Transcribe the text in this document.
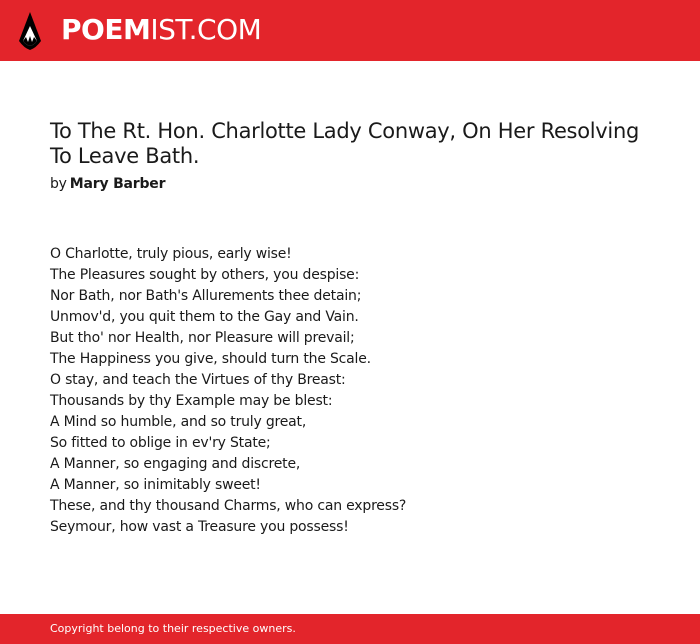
POEMIST.COM
To The Rt. Hon. Charlotte Lady Conway, On Her Resolving To Leave Bath.
by Mary Barber
O Charlotte, truly pious, early wise!
The Pleasures sought by others, you despise:
Nor Bath, nor Bath's Allurements thee detain;
Unmov'd, you quit them to the Gay and Vain.
But tho' nor Health, nor Pleasure will prevail;
The Happiness you give, should turn the Scale.
O stay, and teach the Virtues of thy Breast:
Thousands by thy Example may be blest:
A Mind so humble, and so truly great,
So fitted to oblige in ev'ry State;
A Manner, so engaging and discrete,
A Manner, so inimitably sweet!
These, and thy thousand Charms, who can express?
Seymour, how vast a Treasure you possess!
Copyright belong to their respective owners.
